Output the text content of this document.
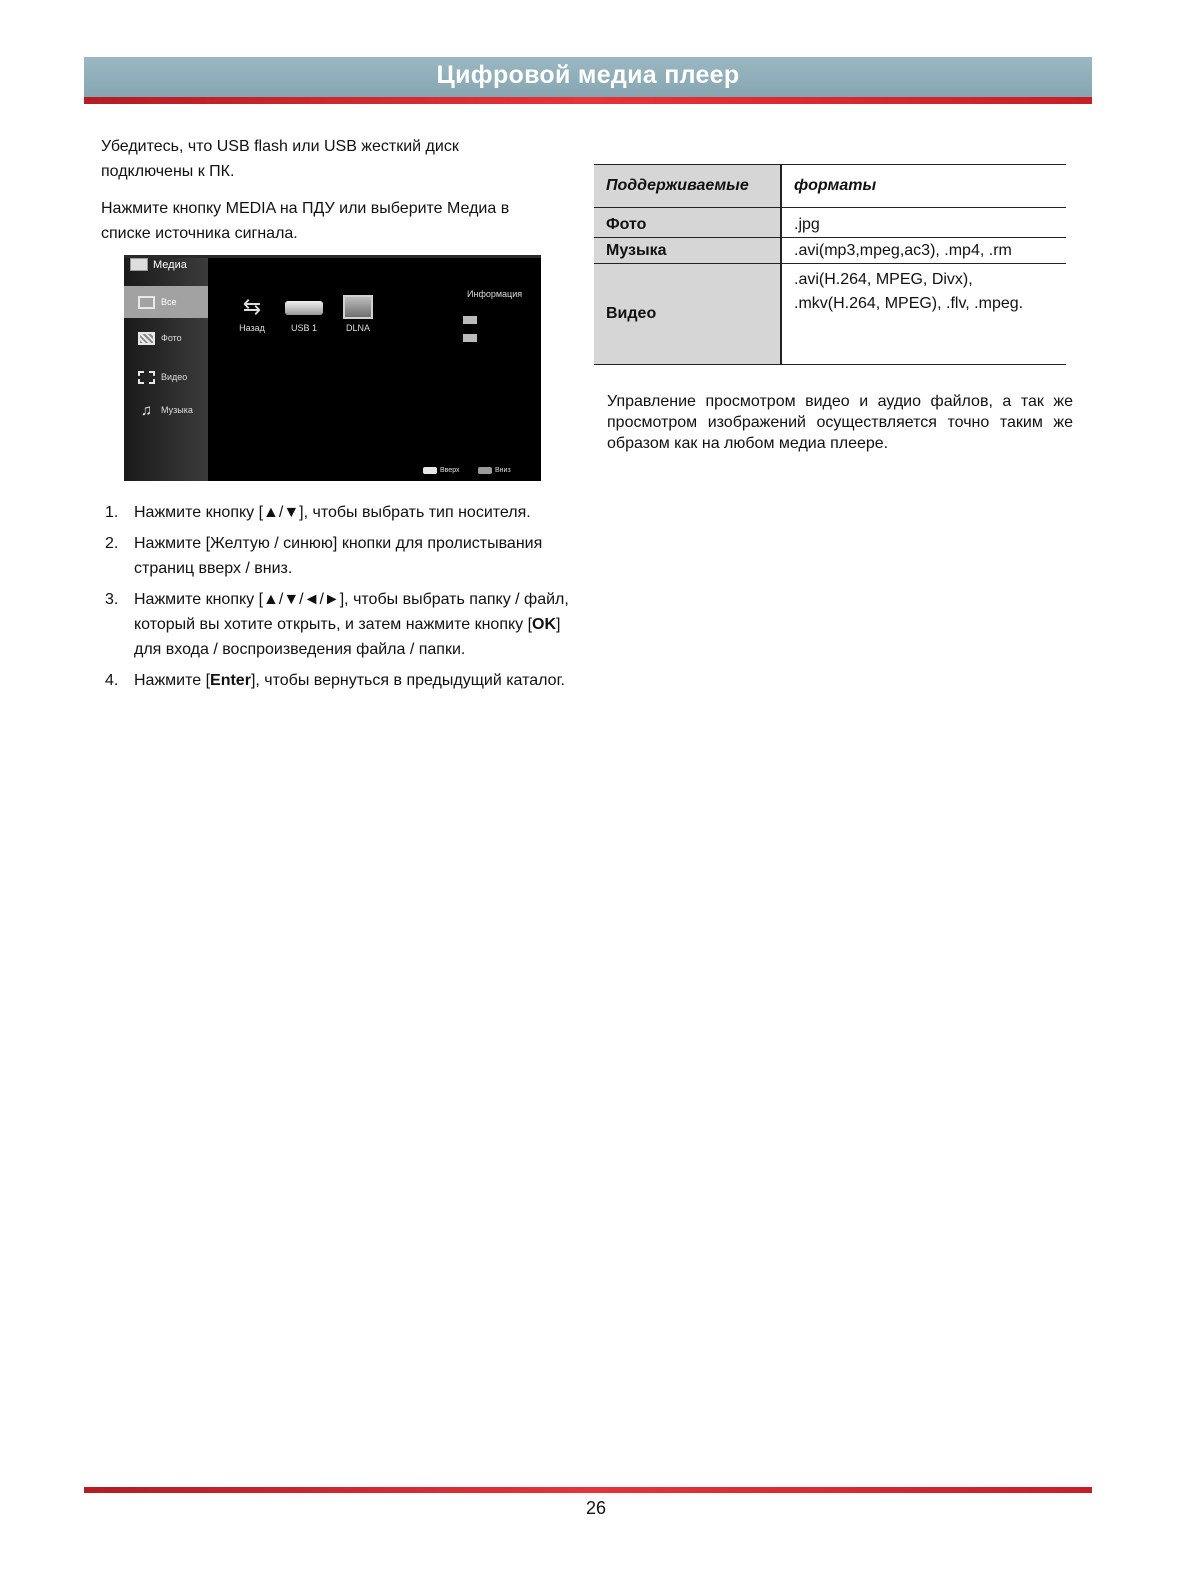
Цифровой медиа плеер

Убедитесь, что USB flash или USB жесткий диск подключены к ПК.

Нажмите кнопку MEDIA на ПДУ или выберите Медиа в списке источника сигнала.

Медиа
Все
Фото
Видео
♫ Музыка
⇆
Назад	USB 1	DLNA
Информация
Вверх	Вниз
1. Нажмите кнопку [▲/▼], чтобы выбрать тип носителя.
2. Нажмите [Желтую / синюю] кнопки для пролистывания страниц вверх / вниз.
3. Нажмите кнопку [▲/▼/◄/►], чтобы выбрать папку / файл, который вы хотите открыть, и затем нажмите кнопку [OK] для входа / воспроизведения файла / папки.
4. Нажмите [Enter], чтобы вернуться в предыдущий каталог.
Поддерживаемые	форматы

Фото	.jpg
Музыка	.avi(mp3,mpeg,ac3), .mp4, .rm
Видео	.avi(H.264, MPEG, Divx), .mkv(H.264, MPEG), .flv, .mpeg.

Управление просмотром видео и аудио файлов, а так же просмотром изображений осуществляется точно таким же образом как на любом медиа плеере.

26
